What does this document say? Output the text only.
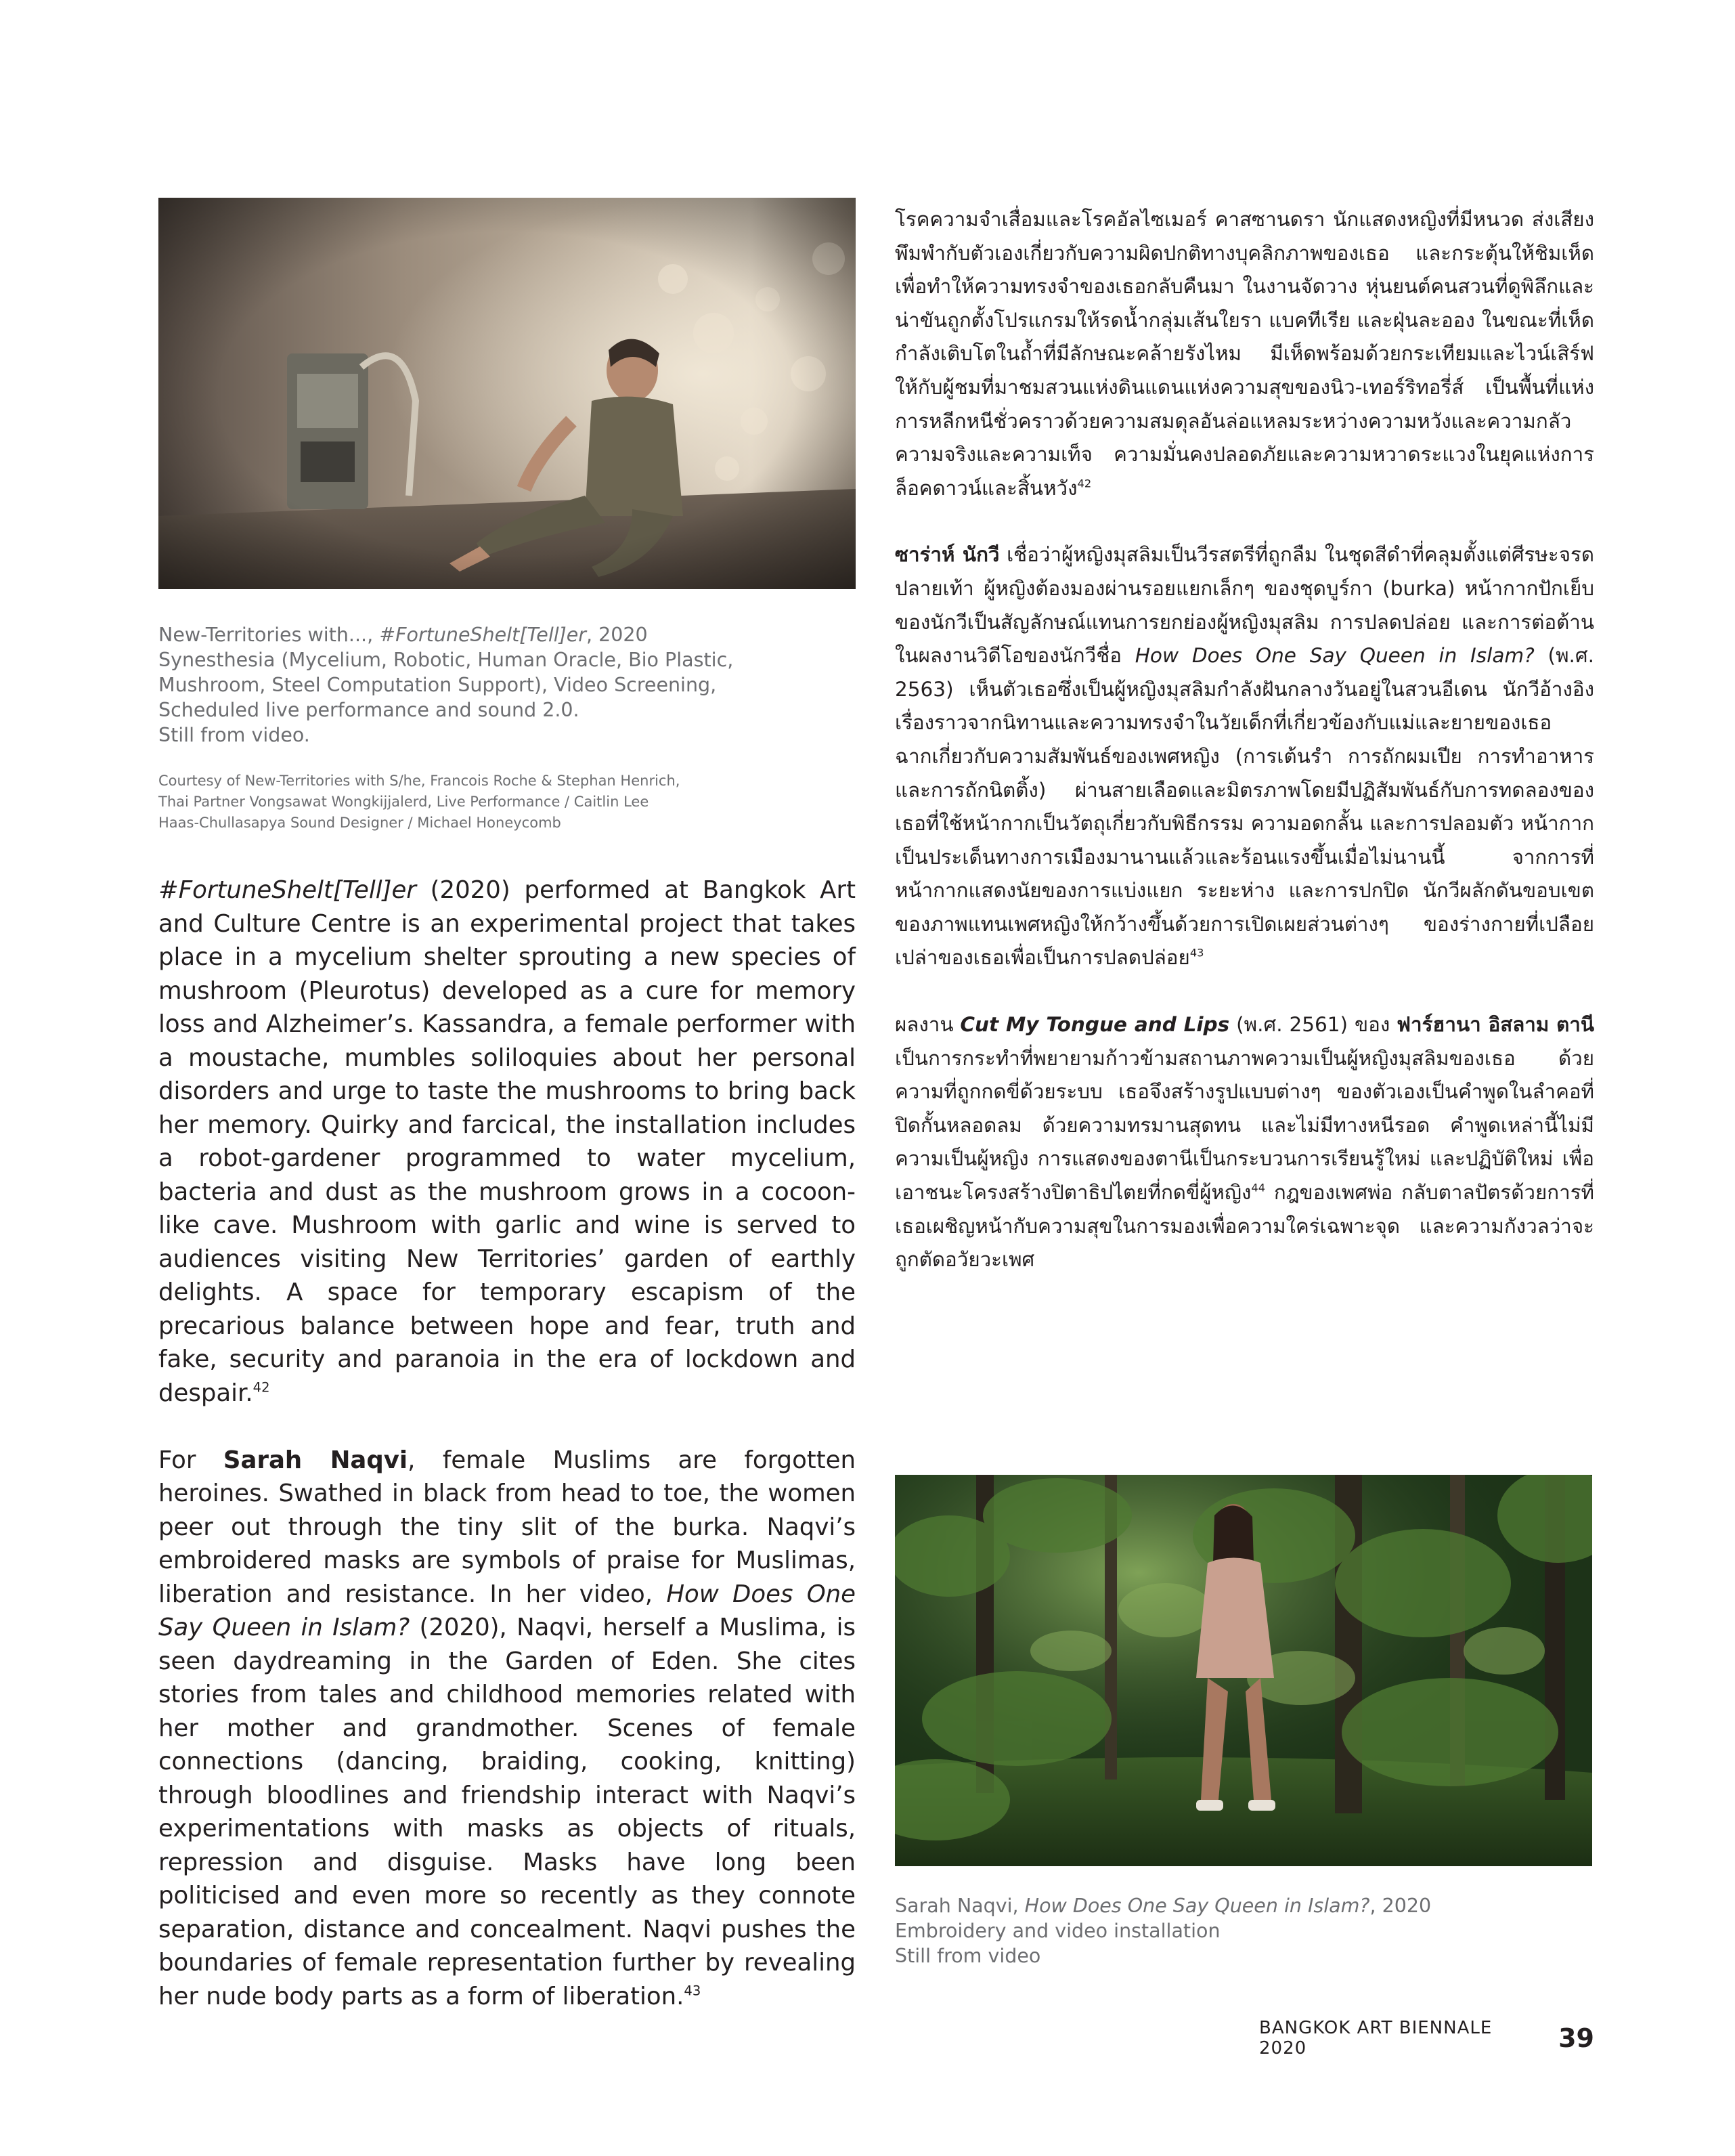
New-Territories with..., #FortuneShelt[Tell]er, 2020

Synesthesia (Mycelium, Robotic, Human Oracle, Bio Plastic,

Mushroom, Steel Computation Support), Video Screening,

Scheduled live performance and sound 2.0.

Still from video.

Courtesy of New-Territories with S/he, Francois Roche & Stephan Henrich,

Thai Partner Vongsawat Wongkijjalerd, Live Performance / Caitlin Lee

Haas-Chullasapya Sound Designer / Michael Honeycomb

#FortuneShelt[Tell]er (2020) performed at Bangkok Art and Culture Centre is an experimental project that takes place in a mycelium shelter sprouting a new species of mushroom (Pleurotus) developed as a cure for memory loss and Alzheimer’s. Kassandra, a female performer with a moustache, mumbles soliloquies about her personal disorders and urge to taste the mushrooms to bring back her memory. Quirky and farcical, the installation includes a robot-gardener programmed to water mycelium, bacteria and dust as the mushroom grows in a cocoon-like cave. Mushroom with garlic and wine is served to audiences visiting New Territories’ garden of earthly delights. A space for temporary escapism of the precarious balance between hope and fear, truth and fake, security and paranoia in the era of lockdown and despair.$^{42}$

For Sarah Naqvi, female Muslims are forgotten heroines. Swathed in black from head to toe, the women peer out through the tiny slit of the burka. Naqvi’s embroidered masks are symbols of praise for Muslimas, liberation and resistance. In her video, How Does One Say Queen in Islam? (2020), Naqvi, herself a Muslima, is seen daydreaming in the Garden of Eden. She cites stories from tales and childhood memories related with her mother and grandmother. Scenes of female connections (dancing, braiding, cooking, knitting) through bloodlines and friendship interact with Naqvi’s experimentations with masks as objects of rituals, repression and disguise. Masks have long been politicised and even more so recently as they connote separation, distance and concealment. Naqvi pushes the boundaries of female representation further by revealing her nude body parts as a form of liberation.$^{43}$

โรคความจำเสื่อมและโรคอัลไซเมอร์ คาสซานดรา นักแสดงหญิงที่มีหนวด ส่งเสียงพึมพำกับตัวเองเกี่ยวกับความผิดปกติทางบุคลิกภาพของเธอ และกระตุ้นให้ชิมเห็ดเพื่อทำให้ความทรงจำของเธอกลับคืนมา ในงานจัดวาง หุ่นยนต์คนสวนที่ดูพิลึกและน่าขันถูกตั้งโปรแกรมให้รดน้ำกลุ่มเส้นใยรา แบคทีเรีย และฝุ่นละออง ในขณะที่เห็ดกำลังเติบโตในถ้ำที่มีลักษณะคล้ายรังไหม มีเห็ดพร้อมด้วยกระเทียมและไวน์เสิร์ฟให้กับผู้ชมที่มาชมสวนแห่งดินแดนแห่งความสุขของนิว-เทอร์ริทอรี่ส์ เป็นพื้นที่แห่งการหลีกหนีชั่วคราวด้วยความสมดุลอันล่อแหลมระหว่างความหวังและความกลัว ความจริงและความเท็จ ความมั่นคงปลอดภัยและความหวาดระแวงในยุคแห่งการล็อคดาวน์และสิ้นหวัง$^{42}$

ซาร่าห์ นักวี เชื่อว่าผู้หญิงมุสลิมเป็นวีรสตรีที่ถูกลืม ในชุดสีดำที่คลุมตั้งแต่ศีรษะจรดปลายเท้า ผู้หญิงต้องมองผ่านรอยแยกเล็กๆ ของชุดบูร์กา (burka) หน้ากากปักเย็บของนักวีเป็นสัญลักษณ์แทนการยกย่องผู้หญิงมุสลิม การปลดปล่อย และการต่อต้าน ในผลงานวิดีโอของนักวีชื่อ How Does One Say Queen in Islam? (พ.ศ. 2563) เห็นตัวเธอซึ่งเป็นผู้หญิงมุสลิมกำลังฝันกลางวันอยู่ในสวนอีเดน นักวีอ้างอิงเรื่องราวจากนิทานและความทรงจำในวัยเด็กที่เกี่ยวข้องกับแม่และยายของเธอ ฉากเกี่ยวกับความสัมพันธ์ของเพศหญิง (การเต้นรำ การถักผมเปีย การทำอาหาร และการถักนิตติ้ง) ผ่านสายเลือดและมิตรภาพโดยมีปฏิสัมพันธ์กับการทดลองของเธอที่ใช้หน้ากากเป็นวัตถุเกี่ยวกับพิธีกรรม ความอดกลั้น และการปลอมตัว หน้ากากเป็นประเด็นทางการเมืองมานานแล้วและร้อนแรงขึ้นเมื่อไม่นานนี้ จากการที่หน้ากากแสดงนัยของการแบ่งแยก ระยะห่าง และการปกปิด นักวีผลักดันขอบเขตของภาพแทนเพศหญิงให้กว้างขึ้นด้วยการเปิดเผยส่วนต่างๆ ของร่างกายที่เปลือยเปล่าของเธอเพื่อเป็นการปลดปล่อย$^{43}$

ผลงาน Cut My Tongue and Lips (พ.ศ. 2561) ของ ฟาร์ฮานา อิสลาม ตานี เป็นการกระทำที่พยายามก้าวข้ามสถานภาพความเป็นผู้หญิงมุสลิมของเธอ ด้วยความที่ถูกกดขี่ด้วยระบบ เธอจึงสร้างรูปแบบต่างๆ ของตัวเองเป็นคำพูดในลำคอที่ปิดกั้นหลอดลม ด้วยความทรมานสุดทน และไม่มีทางหนีรอด คำพูดเหล่านี้ไม่มีความเป็นผู้หญิง การแสดงของตานีเป็นกระบวนการเรียนรู้ใหม่ และปฏิบัติใหม่ เพื่อเอาชนะโครงสร้างปิตาธิปไตยที่กดขี่ผู้หญิง$^{44}$ กฎของเพศพ่อ กลับตาลปัตรด้วยการที่เธอเผชิญหน้ากับความสุขในการมองเพื่อความใคร่เฉพาะจุด และความกังวลว่าจะถูกตัดอวัยวะเพศ

Sarah Naqvi, How Does One Say Queen in Islam?, 2020

Embroidery and video installation

Still from video

BANGKOK ART BIENNALE 2020	39
